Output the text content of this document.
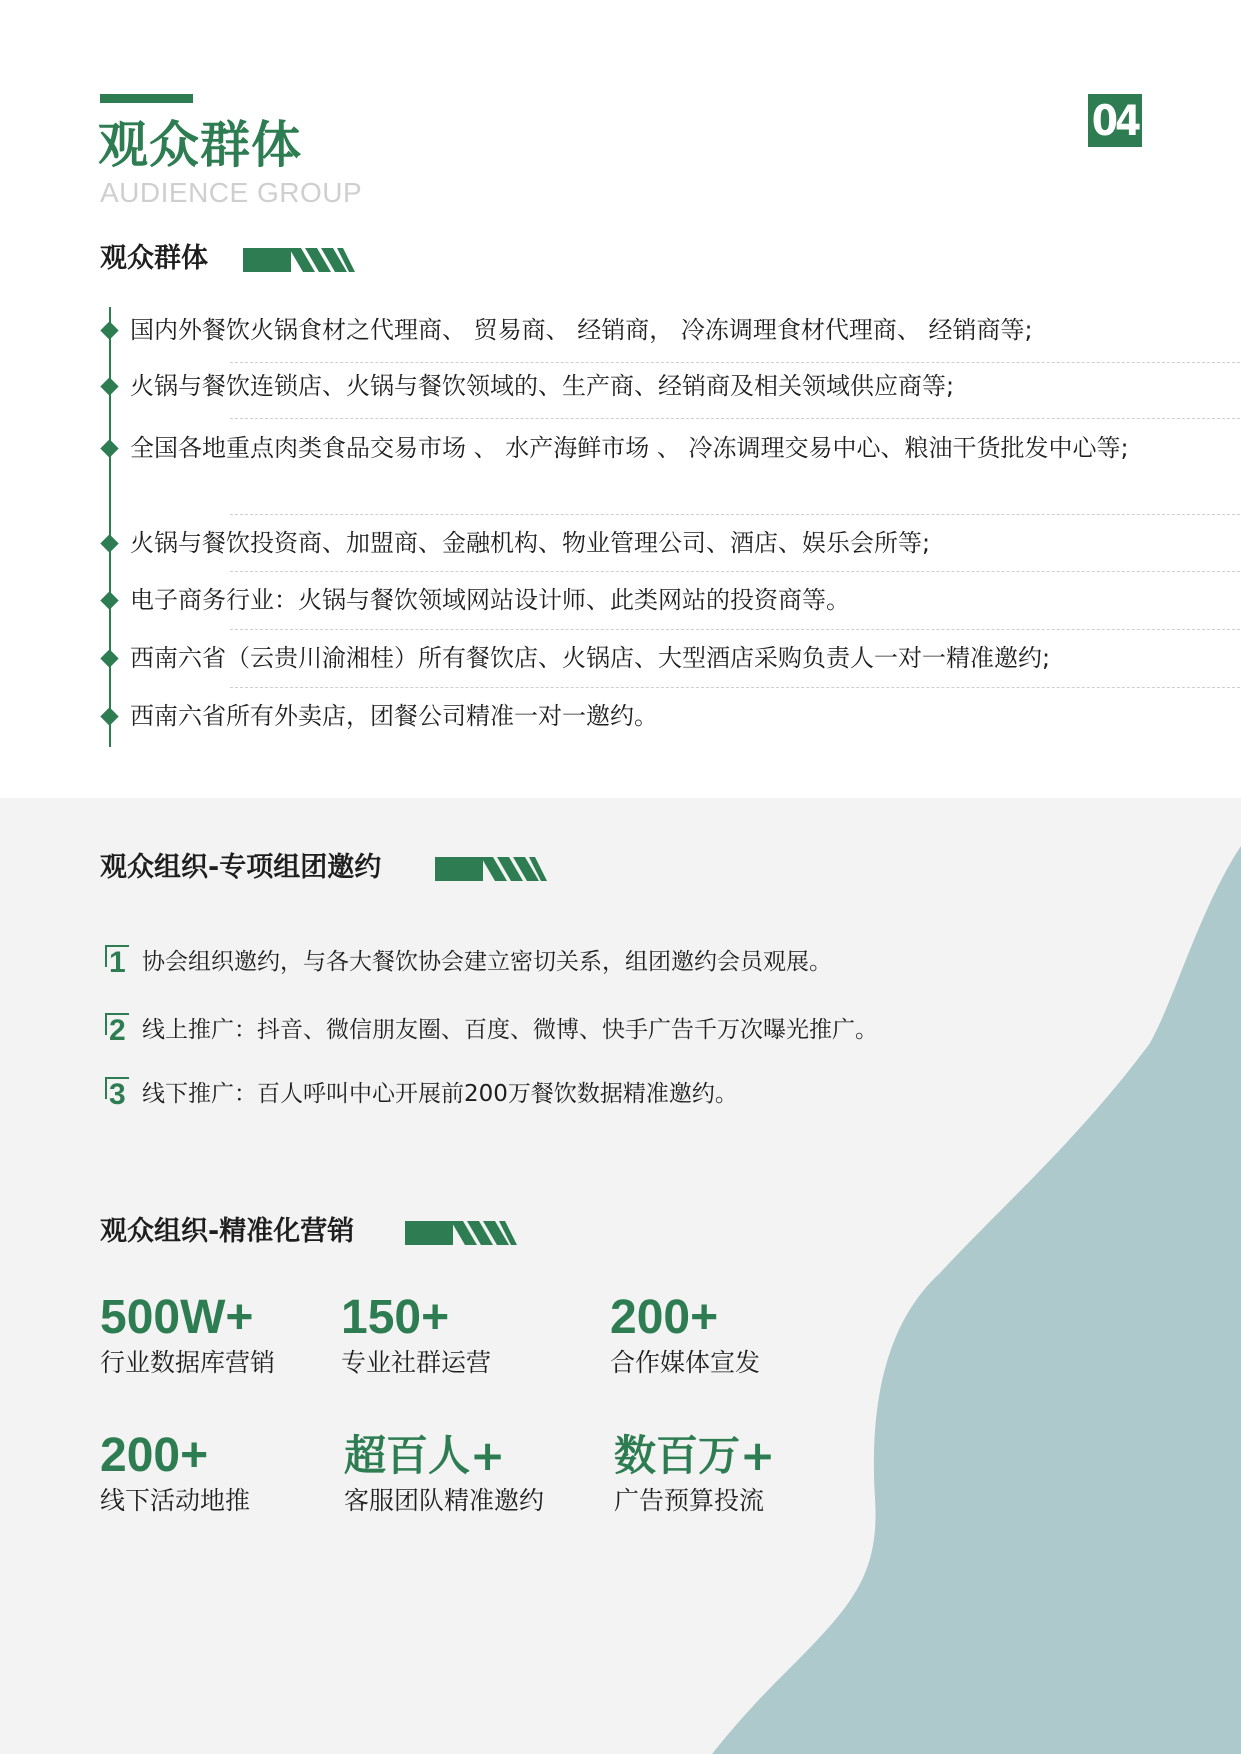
观众群体
AUDIENCE GROUP
04
观众群体
国内外餐饮火锅食材之代理商、 贸易商、 经销商， 冷冻调理食材代理商、 经销商等;
火锅与餐饮连锁店、火锅与餐饮领域的、生产商、经销商及相关领域供应商等;
全国各地重点肉类食品交易市场 、 水产海鲜市场 、 冷冻调理交易中心、粮油干货批发中心等;
火锅与餐饮投资商、加盟商、金融机构、物业管理公司、酒店、娱乐会所等;
电子商务行业：火锅与餐饮领域网站设计师、此类网站的投资商等。
西南六省（云贵川渝湘桂）所有餐饮店、火锅店、大型酒店采购负责人一对一精准邀约;
西南六省所有外卖店，团餐公司精准一对一邀约。
观众组织-专项组团邀约
1 协会组织邀约，与各大餐饮协会建立密切关系，组团邀约会员观展。
2 线上推广：抖音、微信朋友圈、百度、微博、快手广告千万次曝光推广。
3 线下推广：百人呼叫中心开展前200万餐饮数据精准邀约。
观众组织-精准化营销
500W+
行业数据库营销
150+
专业社群运营
200+
合作媒体宣发
200+
线下活动地推
超百人+
客服团队精准邀约
数百万+
广告预算投流
